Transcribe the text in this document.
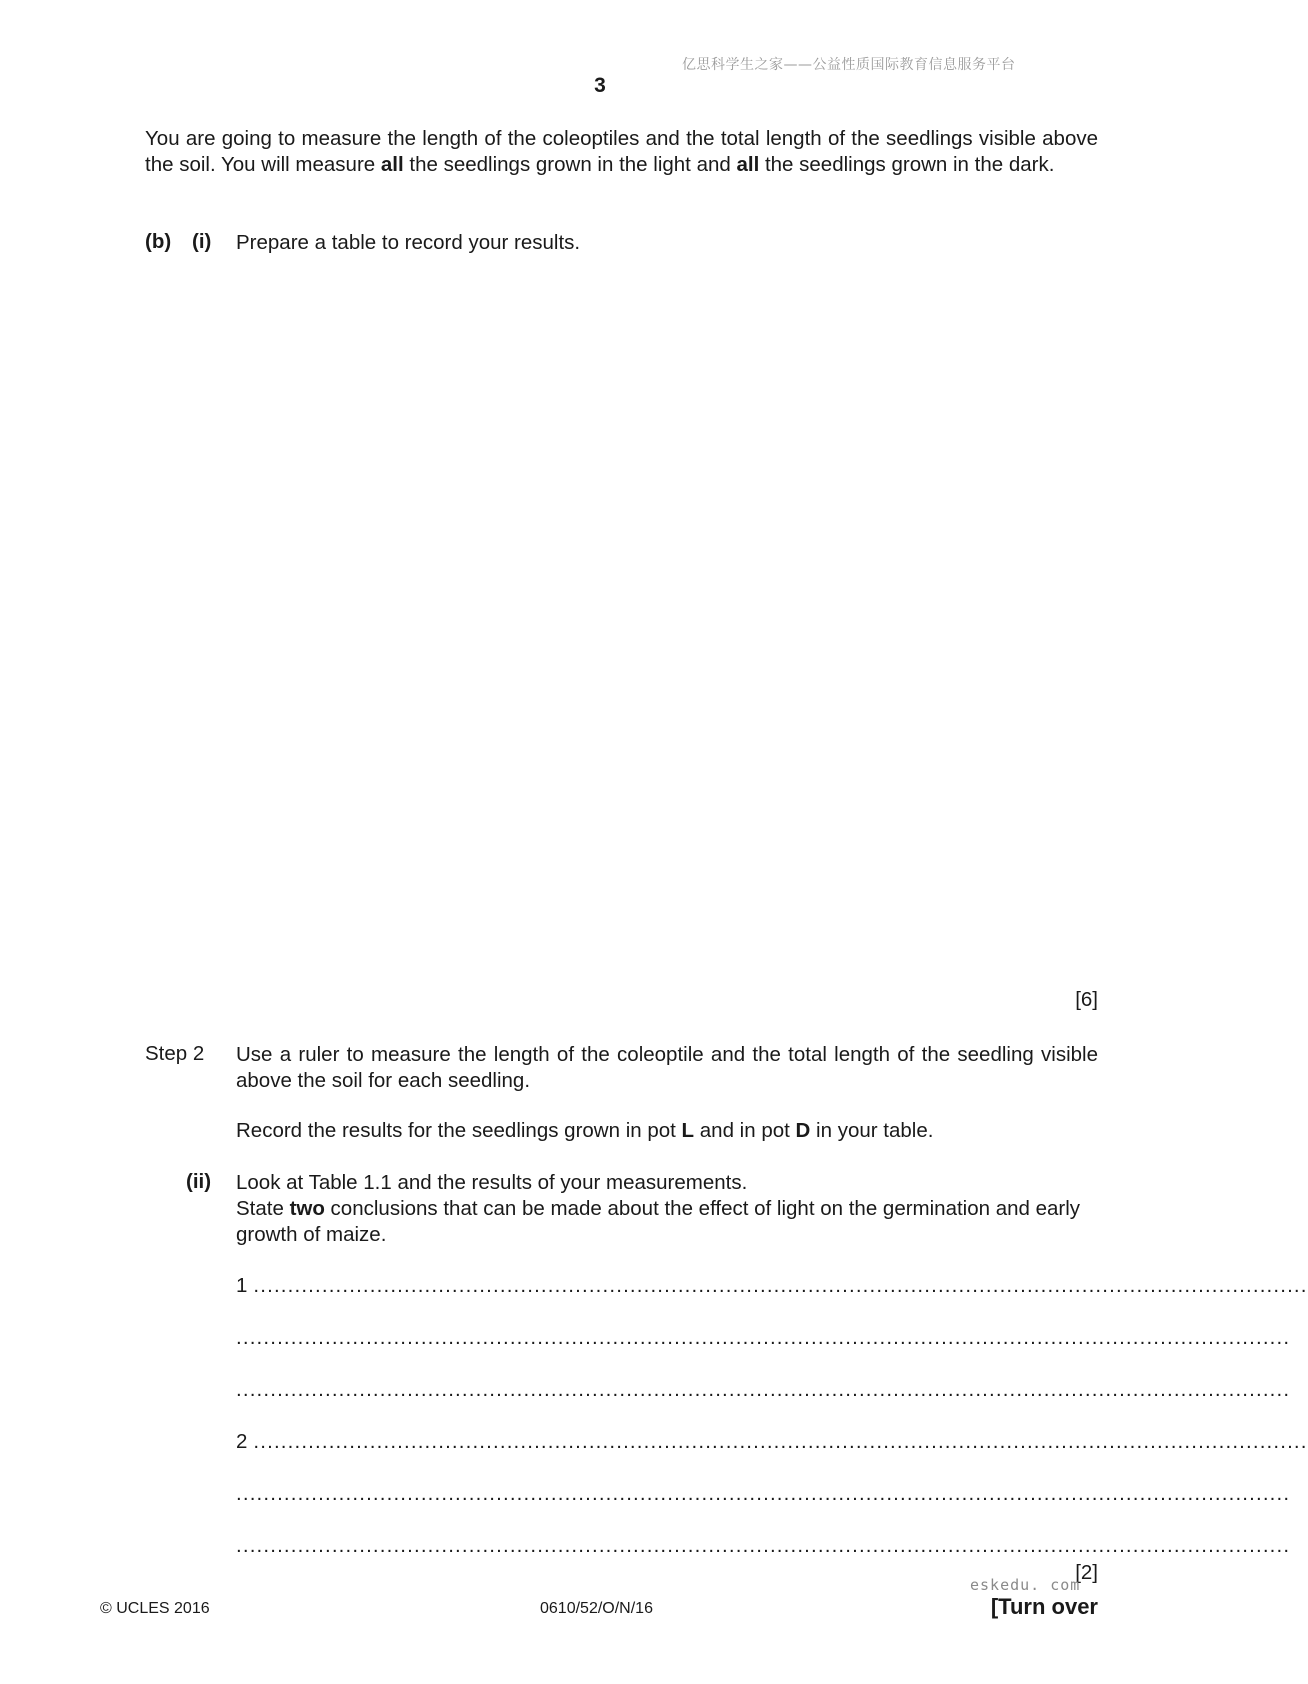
亿思科学生之家——公益性质国际教育信息服务平台
3
You are going to measure the length of the coleoptiles and the total length of the seedlings visible above the soil. You will measure all the seedlings grown in the light and all the seedlings grown in the dark.
(b) (i) Prepare a table to record your results.
[6]
Step 2 Use a ruler to measure the length of the coleoptile and the total length of the seedling visible above the soil for each seedling.
Record the results for the seedlings grown in pot L and in pot D in your table.
(ii) Look at Table 1.1 and the results of your measurements.
State two conclusions that can be made about the effect of light on the germination and early growth of maize.
1 ..........................................................................................................................................................
..........................................................................................................................................................
..........................................................................................................................................................
2 ..........................................................................................................................................................
..........................................................................................................................................................
..........................................................................................................................................................
[2]
eskedu. com
© UCLES 2016	0610/52/O/N/16	[Turn over
